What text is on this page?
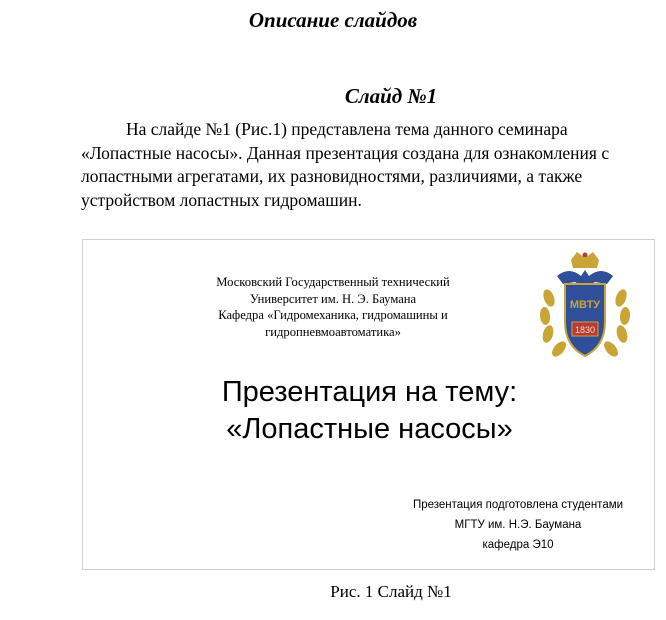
Описание слайдов
Слайд №1

На слайде №1 (Рис.1) представлена тема данного семинара «Лопастные насосы». Данная презентация создана для ознакомления с лопастными агрегатами, их разновидностями, различиями, а также устройством лопастных гидромашин.

Московский Государственный технический
Университет им. Н. Э. Баумана
Кафедра «Гидромеханика, гидромашины и
гидропневмоавтоматика»
МВТУ
1830
Презентация на тему:
«Лопастные насосы»
Презентация подготовлена студентами
МГТУ им. Н.Э. Баумана
кафедра Э10
Рис. 1 Слайд №1
